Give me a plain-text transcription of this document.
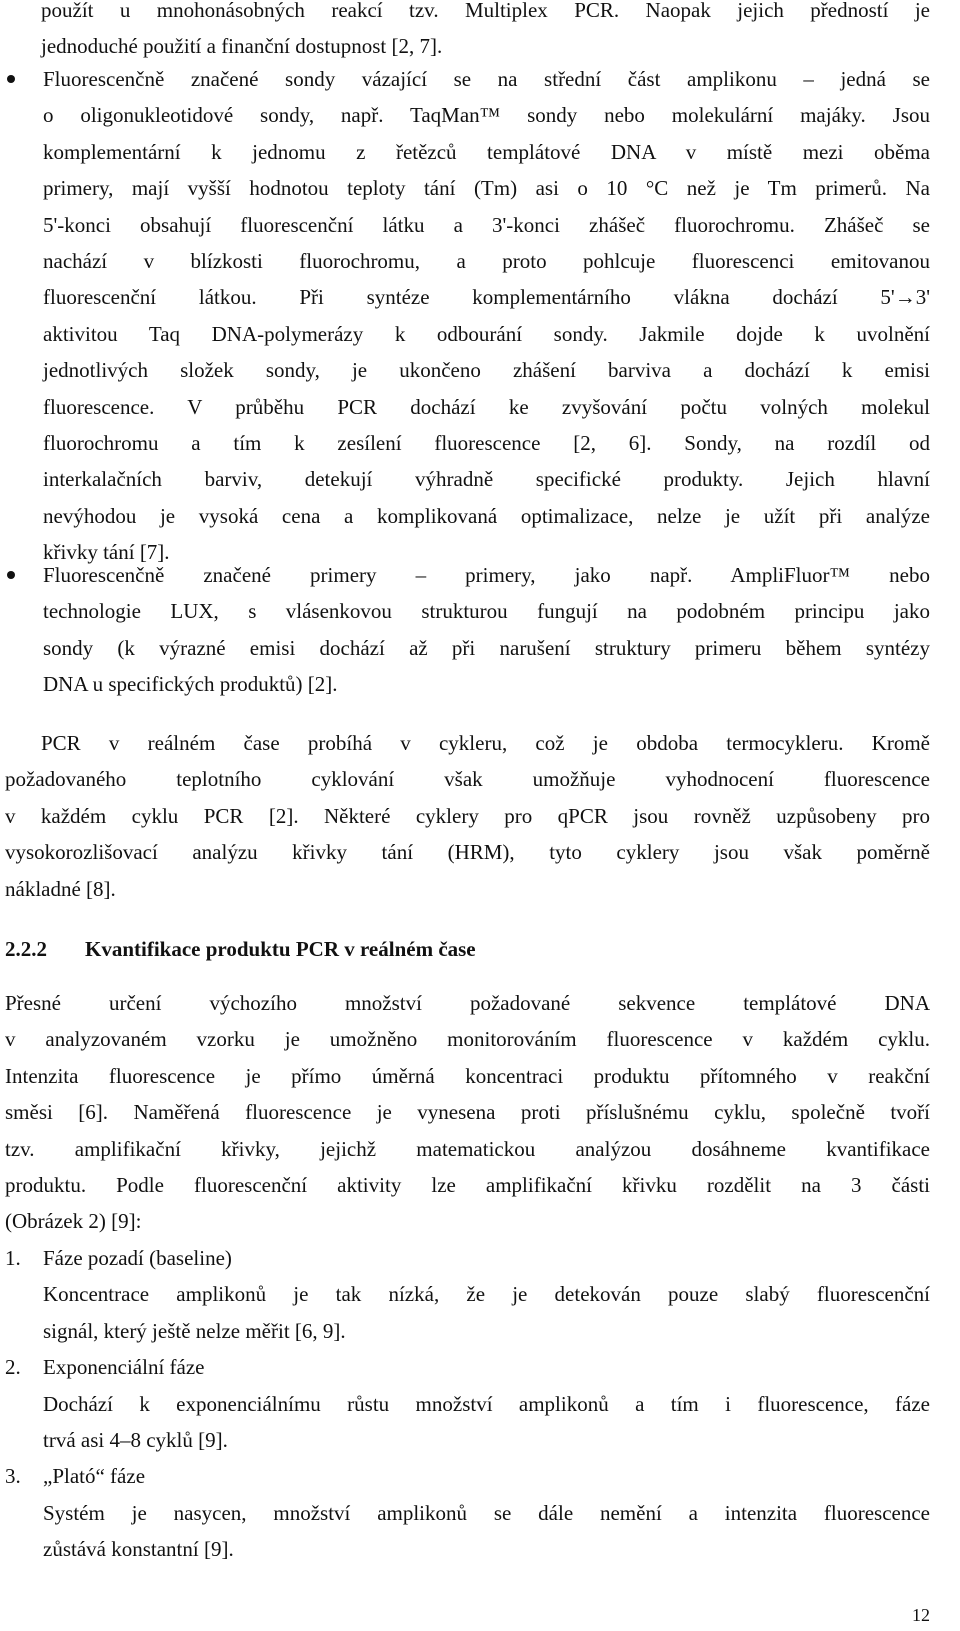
použít u mnohonásobných reakcí tzv. Multiplex PCR. Naopak jejich předností je
jednoduché použití a finanční dostupnost [2, 7].

Fluorescenčně značené sondy vázající se na střední část amplikonu – jedná se
o oligonukleotidové sondy, např. TaqMan™ sondy nebo molekulární majáky. Jsou
komplementární k jednomu z řetězců templátové DNA v místě mezi oběma
primery, mají vyšší hodnotou teploty tání (Tm) asi o 10 °C než je Tm primerů. Na
5'-konci obsahují fluorescenční látku a 3'-konci zhášeč fluorochromu. Zhášeč se
nachází v blízkosti fluorochromu, a proto pohlcuje fluorescenci emitovanou
fluorescenční látkou. Při syntéze komplementárního vlákna dochází 5'→3'
aktivitou Taq DNA-polymerázy k odbourání sondy. Jakmile dojde k uvolnění
jednotlivých složek sondy, je ukončeno zhášení barviva a dochází k emisi
fluorescence. V průběhu PCR dochází ke zvyšování počtu volných molekul
fluorochromu a tím k zesílení fluorescence [2, 6]. Sondy, na rozdíl od
interkalačních barviv, detekují výhradně specifické produkty. Jejich hlavní
nevýhodou je vysoká cena a komplikovaná optimalizace, nelze je užít při analýze
křivky tání [7].

Fluorescenčně značené primery – primery, jako např. AmpliFluor™ nebo
technologie LUX, s vlásenkovou strukturou fungují na podobném principu jako
sondy (k výrazné emisi dochází až při narušení struktury primeru během syntézy
DNA u specifických produktů) [2].

PCR v reálném čase probíhá v cykleru, což je obdoba termocykleru. Kromě
požadovaného teplotního cyklování však umožňuje vyhodnocení fluorescence
v každém cyklu PCR [2]. Některé cyklery pro qPCR jsou rovněž uzpůsobeny pro
vysokorozlišovací analýzu křivky tání (HRM), tyto cyklery jsou však poměrně
nákladné [8].

2.2.2 Kvantifikace produktu PCR v reálném čase

Přesné určení výchozího množství požadované sekvence templátové DNA
v analyzovaném vzorku je umožněno monitorováním fluorescence v každém cyklu.
Intenzita fluorescence je přímo úměrná koncentraci produktu přítomného v reakční
směsi [6]. Naměřená fluorescence je vynesena proti příslušnému cyklu, společně tvoří
tzv. amplifikační křivky, jejichž matematickou analýzou dosáhneme kvantifikace
produktu. Podle fluorescenční aktivity lze amplifikační křivku rozdělit na 3 části
(Obrázek 2) [9]:

1. Fáze pozadí (baseline)
Koncentrace amplikonů je tak nízká, že je detekován pouze slabý fluorescenční
signál, který ještě nelze měřit [6, 9].

2. Exponenciální fáze
Dochází k exponenciálnímu růstu množství amplikonů a tím i fluorescence, fáze
trvá asi 4–8 cyklů [9].

3. „Plató“ fáze
Systém je nasycen, množství amplikonů se dále nemění a intenzita fluorescence
zůstává konstantní [9].

12
